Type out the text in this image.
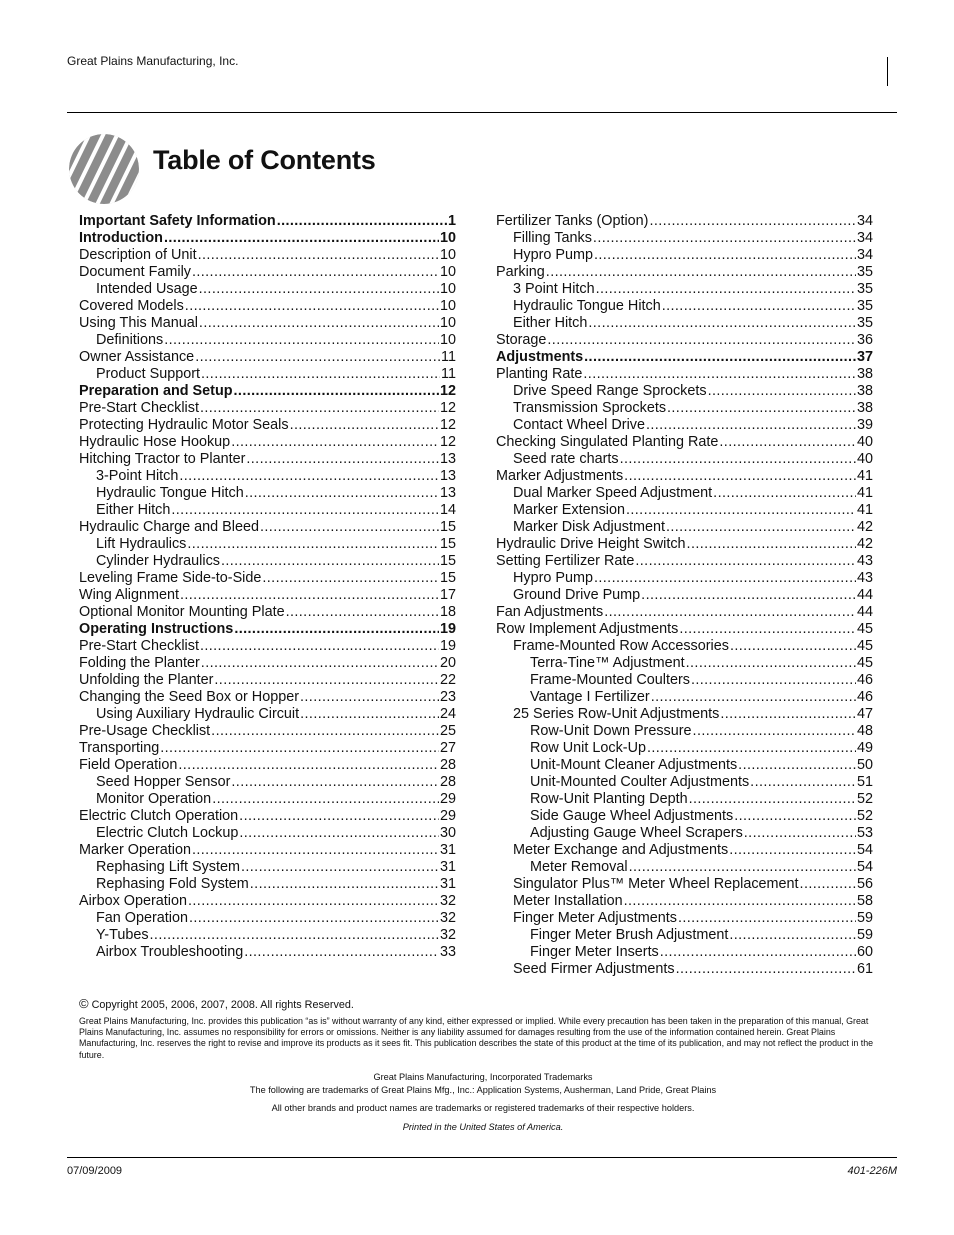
Great Plains Manufacturing, Inc.
Table of Contents
Important Safety Information .....	1
Introduction .....	10
Description of Unit .....	10
Document Family .....	10
Intended Usage .....	10
Covered Models .....	10
Using This Manual .....	10
Definitions .....	10
Owner Assistance .....	11
Product Support .....	11
Preparation and Setup .....	12
Pre-Start Checklist .....	12
Protecting Hydraulic Motor Seals .....	12
Hydraulic Hose Hookup .....	12
Hitching Tractor to Planter .....	13
3-Point Hitch .....	13
Hydraulic Tongue Hitch .....	13
Either Hitch .....	14
Hydraulic Charge and Bleed .....	15
Lift Hydraulics .....	15
Cylinder Hydraulics .....	15
Leveling Frame Side-to-Side .....	15
Wing Alignment .....	17
Optional Monitor Mounting Plate .....	18
Operating Instructions .....	19
Pre-Start Checklist .....	19
Folding the Planter .....	20
Unfolding the Planter .....	22
Changing the Seed Box or Hopper .....	23
Using Auxiliary Hydraulic Circuit .....	24
Pre-Usage Checklist .....	25
Transporting .....	27
Field Operation .....	28
Seed Hopper Sensor .....	28
Monitor Operation .....	29
Electric Clutch Operation .....	29
Electric Clutch Lockup .....	30
Marker Operation .....	31
Rephasing Lift System .....	31
Rephasing Fold System .....	31
Airbox Operation .....	32
Fan Operation .....	32
Y-Tubes .....	32
Airbox Troubleshooting .....	33
Fertilizer Tanks (Option) .....	34
Filling Tanks .....	34
Hypro Pump .....	34
Parking .....	35
3 Point Hitch .....	35
Hydraulic Tongue Hitch .....	35
Either Hitch .....	35
Storage .....	36
Adjustments .....	37
Planting Rate .....	38
Drive Speed Range Sprockets .....	38
Transmission Sprockets .....	38
Contact Wheel Drive .....	39
Checking Singulated Planting Rate .....	40
Seed rate charts .....	40
Marker Adjustments .....	41
Dual Marker Speed Adjustment .....	41
Marker Extension .....	41
Marker Disk Adjustment .....	42
Hydraulic Drive Height Switch .....	42
Setting Fertilizer Rate .....	43
Hypro Pump .....	43
Ground Drive Pump .....	44
Fan Adjustments .....	44
Row Implement Adjustments .....	45
Frame-Mounted Row Accessories .....	45
Terra-Tine™ Adjustment .....	45
Frame-Mounted Coulters .....	46
Vantage I Fertilizer .....	46
25 Series Row-Unit Adjustments .....	47
Row-Unit Down Pressure .....	48
Row Unit Lock-Up .....	49
Unit-Mount Cleaner Adjustments .....	50
Unit-Mounted Coulter Adjustments .....	51
Row-Unit Planting Depth .....	52
Side Gauge Wheel Adjustments .....	52
Adjusting Gauge Wheel Scrapers .....	53
Meter Exchange and Adjustments .....	54
Meter Removal .....	54
Singulator Plus™ Meter Wheel Replacement .....	56
Meter Installation .....	58
Finger Meter Adjustments .....	59
Finger Meter Brush Adjustment .....	59
Finger Meter Inserts .....	60
Seed Firmer Adjustments .....	61
© Copyright 2005, 2006, 2007, 2008. All rights Reserved.
Great Plains Manufacturing, Inc. provides this publication “as is” without warranty of any kind, either expressed or implied. While every precaution has been taken in the preparation of this manual, Great Plains Manufacturing, Inc. assumes no responsibility for errors or omissions. Neither is any liability assumed for damages resulting from the use of the information contained herein. Great Plains Manufacturing, Inc. reserves the right to revise and improve its products as it sees fit. This publication describes the state of this product at the time of its publication, and may not reflect the product in the future.
Great Plains Manufacturing, Incorporated Trademarks
The following are trademarks of Great Plains Mfg., Inc.: Application Systems, Ausherman, Land Pride, Great Plains
All other brands and product names are trademarks or registered trademarks of their respective holders.
Printed in the United States of America.
07/09/2009	401-226M
